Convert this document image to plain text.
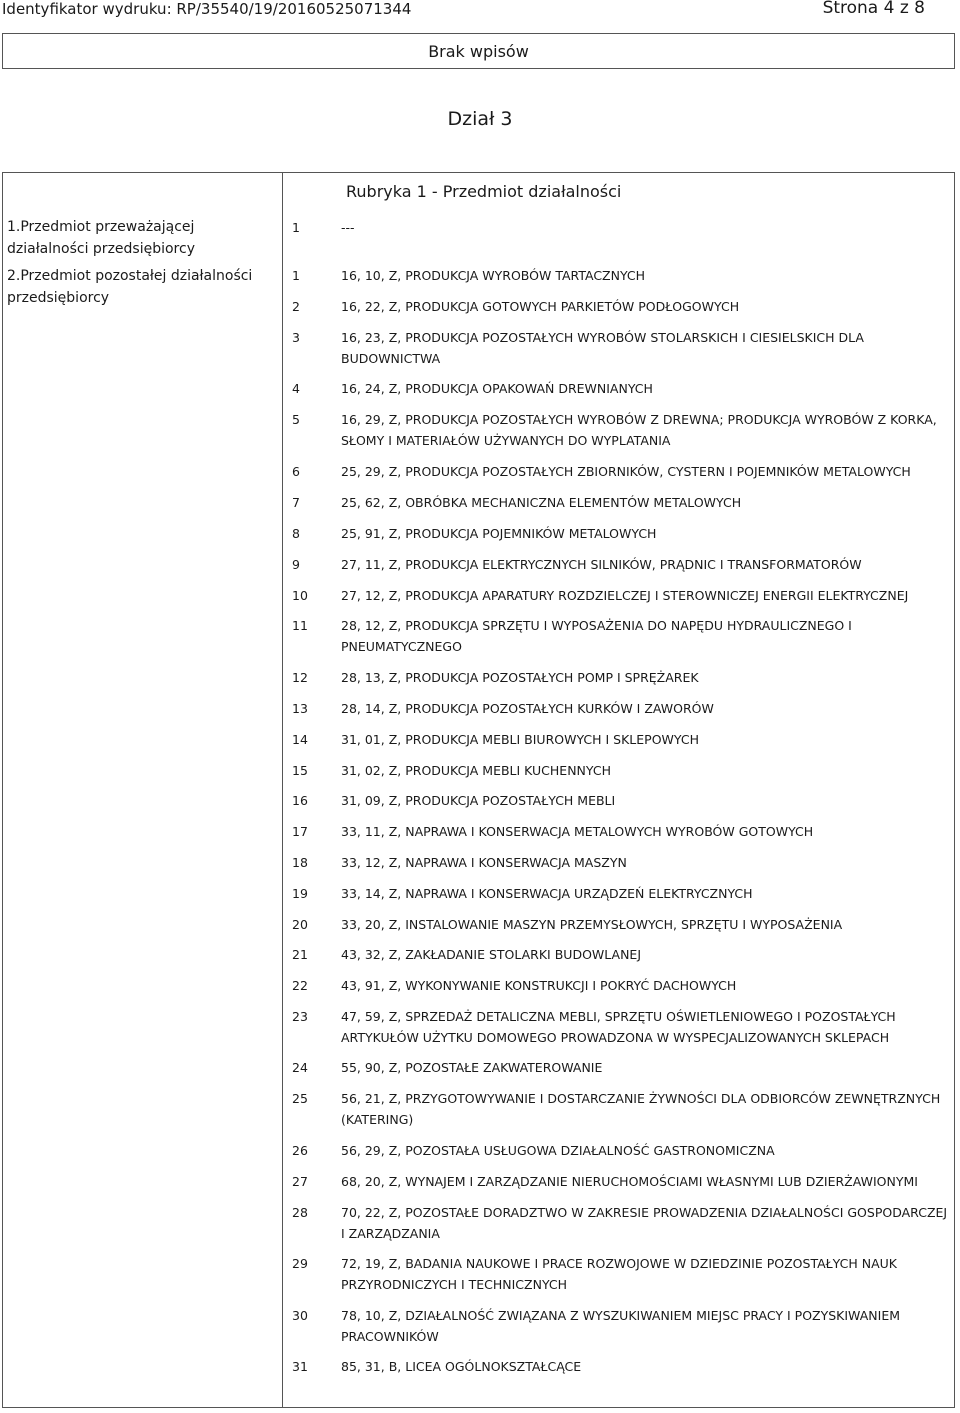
Identyfikator wydruku: RP/35540/19/20160525071344	Strona 4 z 8
Brak wpisów
Dział 3
Rubryka 1 - Przedmiot działalności
1.Przedmiot przeważającej działalności przedsiębiorcy
2.Przedmiot pozostałej działalności przedsiębiorcy
1	---
1	16, 10, Z, PRODUKCJA WYROBÓW TARTACZNYCH
2	16, 22, Z, PRODUKCJA GOTOWYCH PARKIETÓW PODŁOGOWYCH
3	16, 23, Z, PRODUKCJA POZOSTAŁYCH WYROBÓW STOLARSKICH I CIESIELSKICH DLA BUDOWNICTWA
4	16, 24, Z, PRODUKCJA OPAKOWAŃ DREWNIANYCH
5	16, 29, Z, PRODUKCJA POZOSTAŁYCH WYROBÓW Z DREWNA; PRODUKCJA WYROBÓW Z KORKA, SŁOMY I MATERIAŁÓW UŻYWANYCH DO WYPLATANIA
6	25, 29, Z, PRODUKCJA POZOSTAŁYCH ZBIORNIKÓW, CYSTERN I POJEMNIKÓW METALOWYCH
7	25, 62, Z, OBRÓBKA MECHANICZNA ELEMENTÓW METALOWYCH
8	25, 91, Z, PRODUKCJA POJEMNIKÓW METALOWYCH
9	27, 11, Z, PRODUKCJA ELEKTRYCZNYCH SILNIKÓW, PRĄDNIC I TRANSFORMATORÓW
10	27, 12, Z, PRODUKCJA APARATURY ROZDZIELCZEJ I STEROWNICZEJ ENERGII ELEKTRYCZNEJ
11	28, 12, Z, PRODUKCJA SPRZĘTU I WYPOSAŻENIA DO NAPĘDU HYDRAULICZNEGO I PNEUMATYCZNEGO
12	28, 13, Z, PRODUKCJA POZOSTAŁYCH POMP I SPRĘŻAREK
13	28, 14, Z, PRODUKCJA POZOSTAŁYCH KURKÓW I ZAWORÓW
14	31, 01, Z, PRODUKCJA MEBLI BIUROWYCH I SKLEPOWYCH
15	31, 02, Z, PRODUKCJA MEBLI KUCHENNYCH
16	31, 09, Z, PRODUKCJA POZOSTAŁYCH MEBLI
17	33, 11, Z, NAPRAWA I KONSERWACJA METALOWYCH WYROBÓW GOTOWYCH
18	33, 12, Z, NAPRAWA I KONSERWACJA MASZYN
19	33, 14, Z, NAPRAWA I KONSERWACJA URZĄDZEŃ ELEKTRYCZNYCH
20	33, 20, Z, INSTALOWANIE MASZYN PRZEMYSŁOWYCH, SPRZĘTU I WYPOSAŻENIA
21	43, 32, Z, ZAKŁADANIE STOLARKI BUDOWLANEJ
22	43, 91, Z, WYKONYWANIE KONSTRUKCJI I POKRYĆ DACHOWYCH
23	47, 59, Z, SPRZEDAŻ DETALICZNA MEBLI, SPRZĘTU OŚWIETLENIOWEGO I POZOSTAŁYCH ARTYKUŁÓW UŻYTKU DOMOWEGO PROWADZONA W WYSPECJALIZOWANYCH SKLEPACH
24	55, 90, Z, POZOSTAŁE ZAKWATEROWANIE
25	56, 21, Z, PRZYGOTOWYWANIE I DOSTARCZANIE ŻYWNOŚCI DLA ODBIORCÓW ZEWNĘTRZNYCH (KATERING)
26	56, 29, Z, POZOSTAŁA USŁUGOWA DZIAŁALNOŚĆ GASTRONOMICZNA
27	68, 20, Z, WYNAJEM I ZARZĄDZANIE NIERUCHOMOŚCIAMI WŁASNYMI LUB DZIERŻAWIONYMI
28	70, 22, Z, POZOSTAŁE DORADZTWO W ZAKRESIE PROWADZENIA DZIAŁALNOŚCI GOSPODARCZEJ I ZARZĄDZANIA
29	72, 19, Z, BADANIA NAUKOWE I PRACE ROZWOJOWE W DZIEDZINIE POZOSTAŁYCH NAUK PRZYRODNICZYCH I TECHNICZNYCH
30	78, 10, Z, DZIAŁALNOŚĆ ZWIĄZANA Z WYSZUKIWANIEM MIEJSC PRACY I POZYSKIWANIEM PRACOWNIKÓW
31	85, 31, B, LICEA OGÓLNOKSZTAŁCĄCE
